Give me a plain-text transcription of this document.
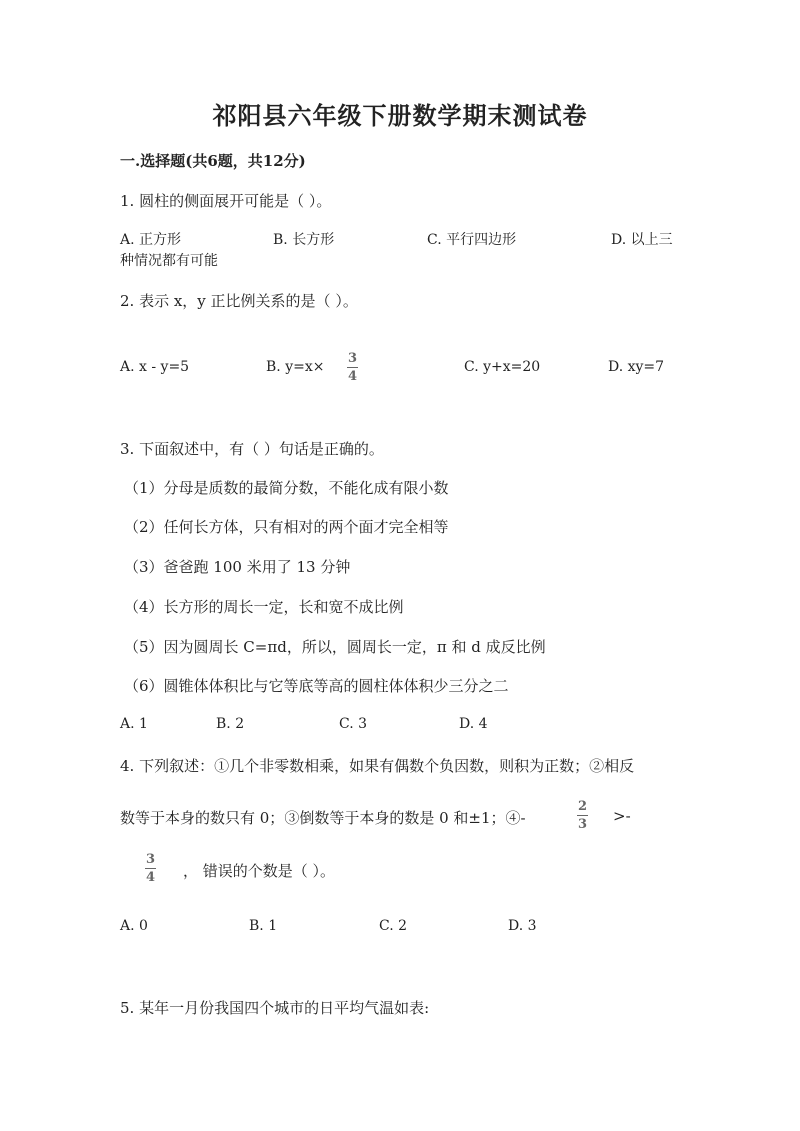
祁阳县六年级下册数学期末测试卷
一.选择题(共6题，共12分)
1. 圆柱的侧面展开可能是（ ）。
A. 正方形	B. 长方形	C. 平行四边形	D. 以上三
种情况都有可能
2. 表示 x，y 正比例关系的是（ ）。
A. x - y=5	B. y=x×
3
4
C. y+x=20	D. xy=7
3. 下面叙述中，有（ ）句话是正确的。
（1）分母是质数的最简分数，不能化成有限小数
（2）任何长方体，只有相对的两个面才完全相等
（3）爸爸跑 100 米用了 13 分钟
（4）长方形的周长一定，长和宽不成比例
（5）因为圆周长 C=πd，所以，圆周长一定，π 和 d 成反比例
（6）圆锥体体积比与它等底等高的圆柱体体积少三分之二
A. 1	B. 2	C. 3	D. 4
4. 下列叙述：①几个非零数相乘，如果有偶数个负因数，则积为正数；②相反
数等于本身的数只有 0；③倒数等于本身的数是 0 和±1；④-
2
3 >-
3
4 ， 错误的个数是（ ）。
A. 0	B. 1	C. 2	D. 3
5. 某年一月份我国四个城市的日平均气温如表:
